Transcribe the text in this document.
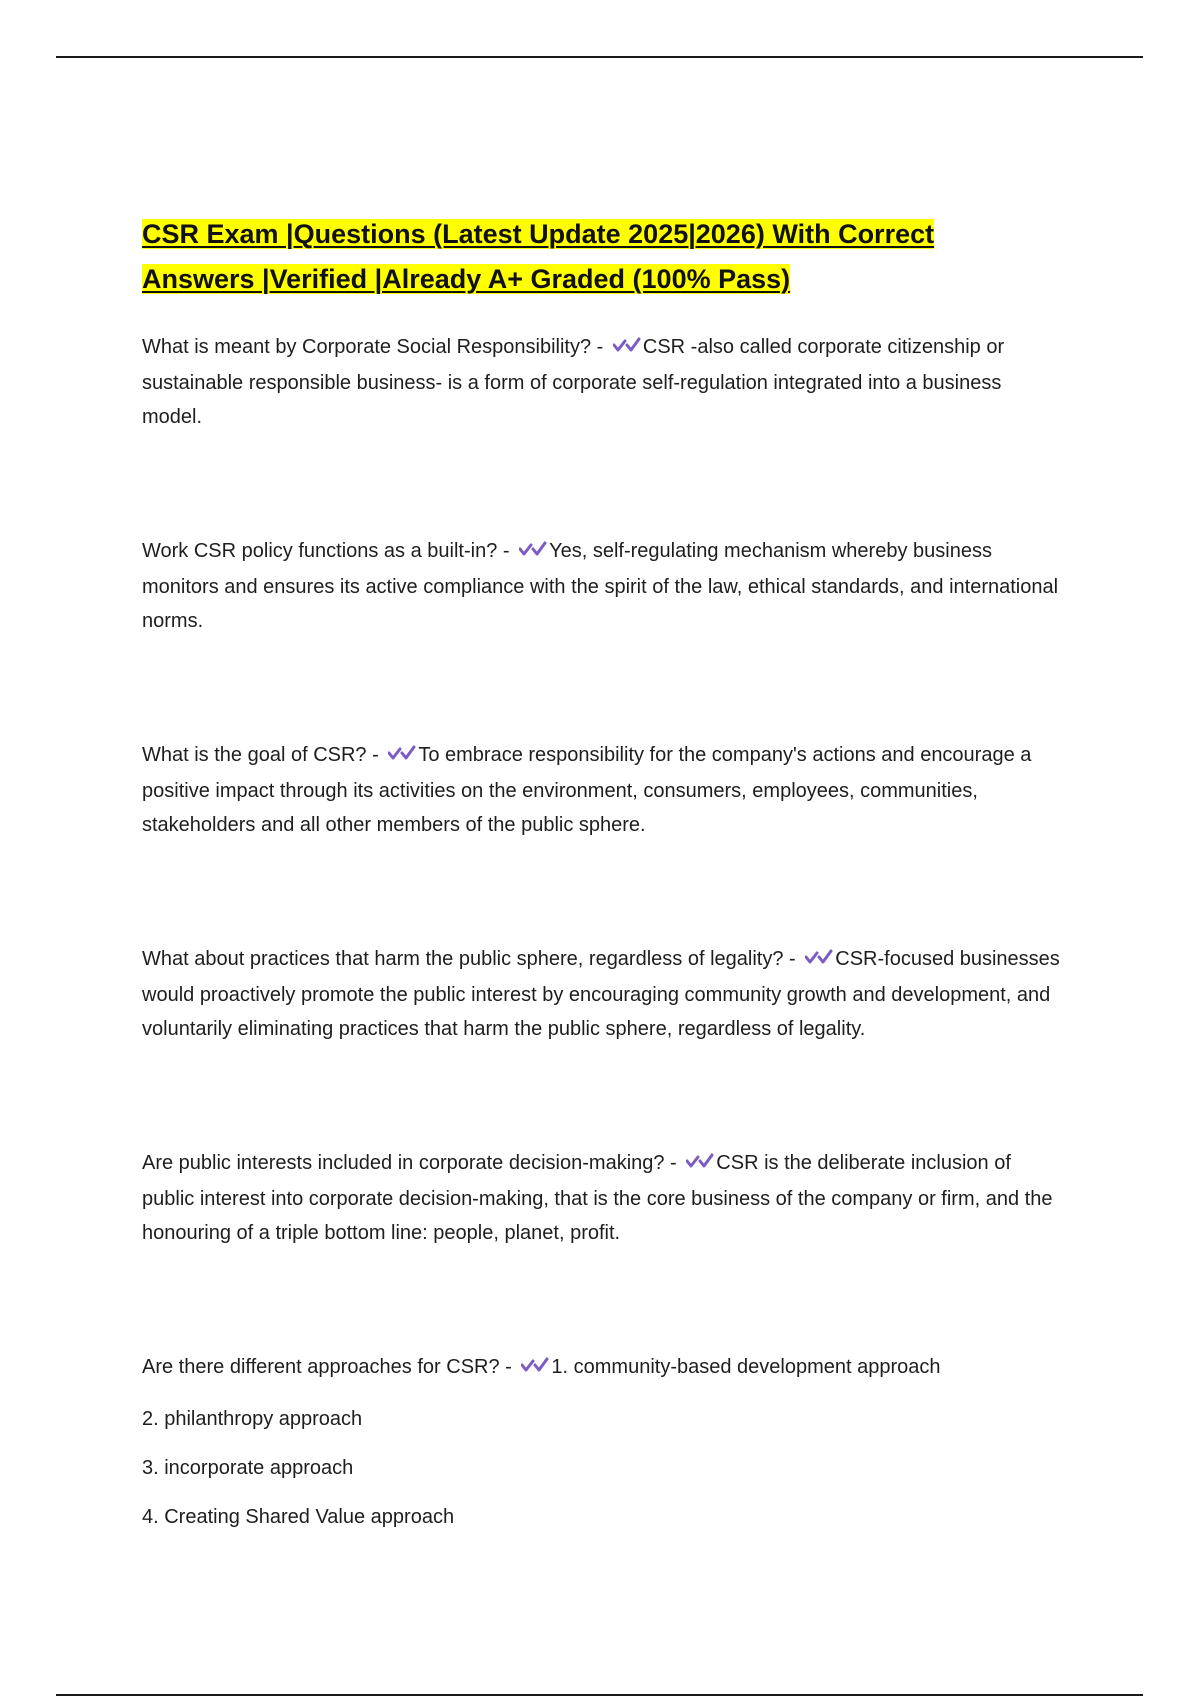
CSR Exam |Questions (Latest Update 2025|2026) With Correct
Answers |Verified |Already A+ Graded (100% Pass)

What is meant by Corporate Social Responsibility? - CSR -also called corporate citizenship or sustainable responsible business- is a form of corporate self-regulation integrated into a business model.

Work CSR policy functions as a built-in? - Yes, self-regulating mechanism whereby business monitors and ensures its active compliance with the spirit of the law, ethical standards, and international norms.

What is the goal of CSR? - To embrace responsibility for the company's actions and encourage a positive impact through its activities on the environment, consumers, employees, communities, stakeholders and all other members of the public sphere.

What about practices that harm the public sphere, regardless of legality? - CSR-focused businesses would proactively promote the public interest by encouraging community growth and development, and voluntarily eliminating practices that harm the public sphere, regardless of legality.

Are public interests included in corporate decision-making? - CSR is the deliberate inclusion of public interest into corporate decision-making, that is the core business of the company or firm, and the honouring of a triple bottom line: people, planet, profit.

Are there different approaches for CSR? - 1. community-based development approach

2. philanthropy approach
3. incorporate approach
4. Creating Shared Value approach
